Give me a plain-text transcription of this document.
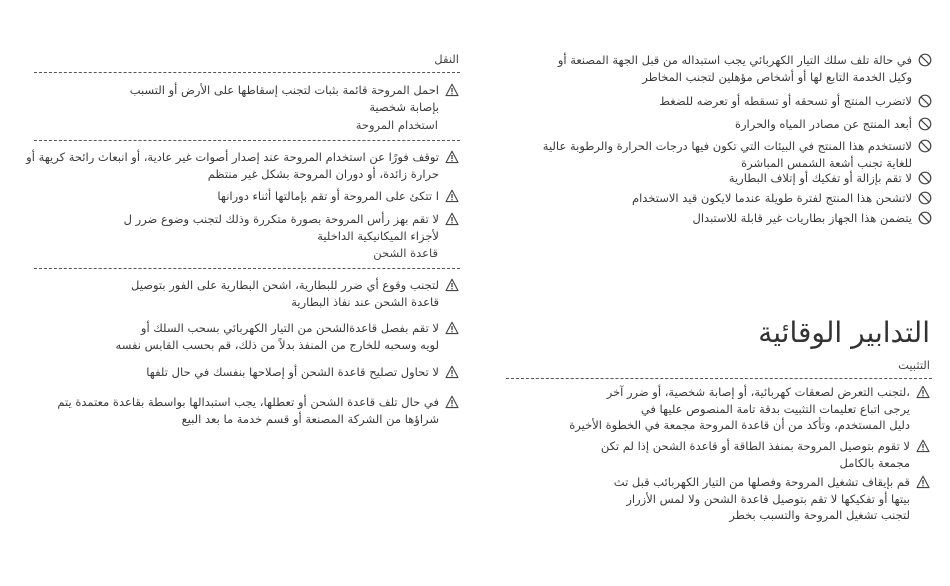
في حالة تلف سلك التيار الكهربائي يجب استبداله من قبل الجهة المصنعة أو
وكيل الخدمة التابع لها أو أشخاص مؤهلين لتجنب المخاطر
لاتضرب المنتج أو تسحقه أو تسقطه أو تعرضه للضغط
أبعد المنتج عن مصادر المياه والحرارة
لاتستخدم هذا المنتج في البيئات التي تكون فيها درجات الحرارة والرطوبة عالية
للغاية تجنب أشعة الشمس المباشرة
لا تقم بإزالة أو تفكيك أو إتلاف البطارية
لاتشحن هذا المنتج لفترة طويلة عندما لايكون قيد الاستخدام
يتضمن هذا الجهاز بطاريات غير قابلة للاستبدال
التدابير الوقائية
التثبيت
،لتجنب التعرض لصعقات كهربائية، أو إصابة شخصية، أو ضرر آخر
يرجى اتباع تعليمات التثبيت بدقة تامة المنصوص عليها في
دليل المستخدم، وتأكد من أن قاعدة المروحة مجمعة في الخطوة الأخيرة
لا تقوم بتوصيل المروحة بمنفذ الطاقة أو قاعدة الشحن إذا لم تكن
مجمعة بالكامل
قم بإيقاف تشغيل المروحة وفصلها من التيار الكهربائب قبل تث
بيتها أو تفكيكها لا تقم بتوصيل قاعدة الشحن ولا لمس الأزرار
لتجنب تشغيل المروحة والتسبب بخطر
النقل
احمل المروحة قائمة بثبات لتجنب إسقاطها على الأرض أو التسبب
بإصابة شخصية
استخدام المروحة
توقف فورًا عن استخدام المروحة عند إصدار أصوات غير عادية، أو انبعاث رائحة كريهة أو
حرارة زائدة، أو دوران المروحة بشكل غير منتظم
ا تتكئ على المروحة أو تقم بإمالتها أثناء دورانها
لا تقم بهز رأس المروحة بصورة متكررة وذلك لتجنب وضوع ضرر ل
لأجزاء الميكانيكية الداخلية
قاعدة الشحن
لتجنب وقوع أي ضرر للبطارية، اشحن البطارية على الفور بتوصيل
قاعدة الشحن عند نفاذ البطارية
لا تقم بفصل قاعدةالشحن من التيار الكهربائي بسحب السلك أو
لويه وسحبه للخارج من المنفذ بدلاً من ذلك، قم بحسب القابس نفسه
لا تحاول تصليح قاعدة الشحن أو إصلاحها بنفسك في حال تلفها
في حال تلف قاعدة الشحن أو تعطلها، يجب استبدالها بواسطة بقاعدة معتمدة يتم
شراؤها من الشركة المصنعة أو قسم خدمة ما بعد البيع
